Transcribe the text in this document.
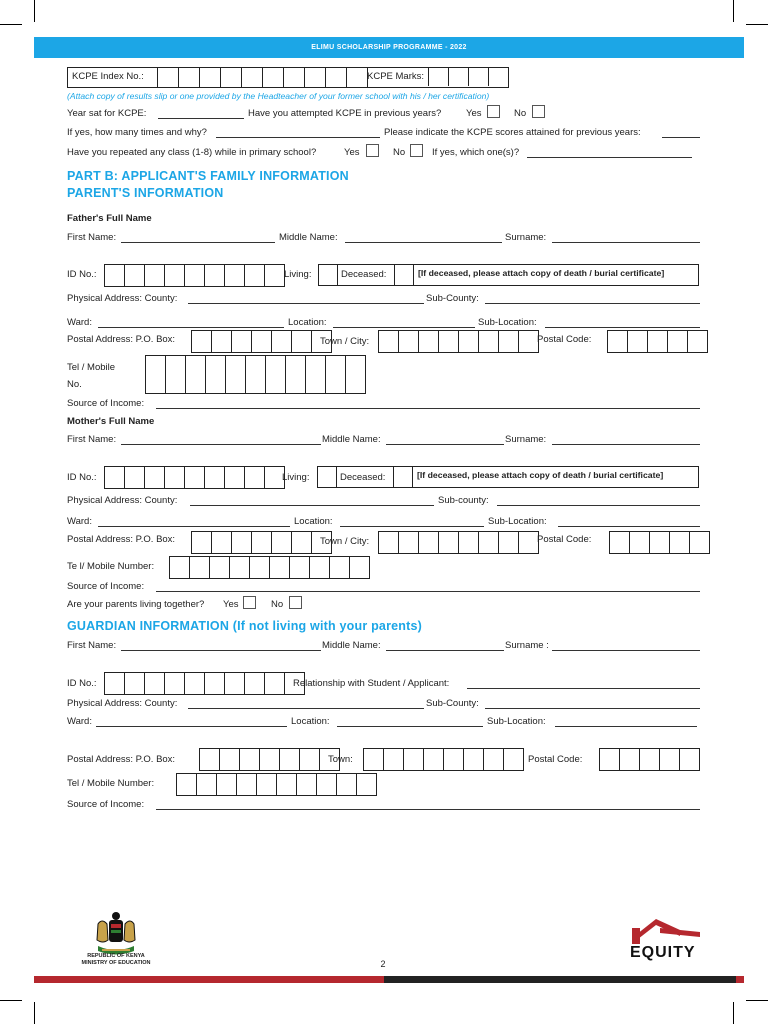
ELIMU SCHOLARSHIP PROGRAMME - 2022
KCPE Index No.:	KCPE Marks:
(Attach copy of results slip or one provided by the Headteacher of your former school with his / her certification)
Year sat for KCPE:	Have you attempted KCPE in previous years?	Yes	No
If yes, how many times and why?	Please indicate the KCPE scores attained for previous years:
Have you repeated any class (1-8) while in primary school?	Yes	No	If yes, which one(s)?
PART B: APPLICANT'S FAMILY INFORMATION
PARENT'S INFORMATION
Father's Full Name
First Name:	Middle Name:	Surname:
ID No.:	Living:	Deceased:	[If deceased, please attach copy of death / burial certificate]
Physical Address: County:	Sub-County:
Ward:	Location:	Sub-Location:
Postal Address: P.O. Box:	Town / City:	Postal Code:
Tel / Mobile
No.
Source of Income:
Mother's Full Name
First Name:	Middle Name:	Surname:
ID No.:	Living:	Deceased:	[If deceased, please attach copy of death / burial certificate]
Physical Address: County:	Sub-county:
Ward:	Location:	Sub-Location:
Postal Address: P.O. Box:	Town / City:	Postal Code:
Te l/ Mobile Number:
Source of Income:
Are your parents living together? Yes	No
GUARDIAN INFORMATION (If not living with your parents)
First Name:	Middle Name:	Surname :
ID No.:	Relationship with Student / Applicant:
Physical Address: County:	Sub-County:
Ward:	Location:	Sub-Location:
Postal Address: P.O. Box:	Town:	Postal Code:
Tel / Mobile Number:
Source of Income:
REPUBLIC OF KENYA
MINISTRY OF EDUCATION	2
EQUITY
